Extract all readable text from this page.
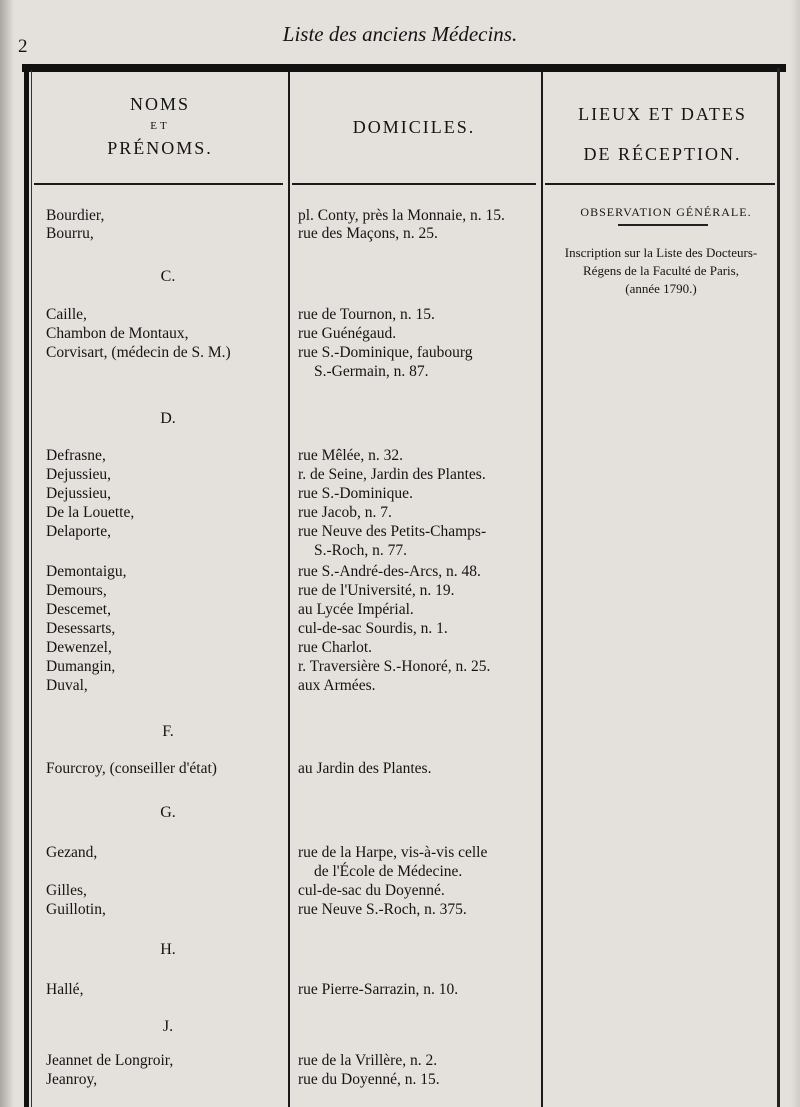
2
Liste des anciens Médecins.
NOMS
ET
PRÉNOMS.
DOMICILES.
LIEUX ET DATES
DE RÉCEPTION.
OBSERVATION GÉNÉRALE.
Inscription sur la Liste des Docteurs-
Régens de la Faculté de Paris,
(année 1790.)
C.
D.
F.
G.
H.
J.
Bourdier,	pl. Conty, près la Monnaie, n. 15.
Bourru,	rue des Maçons, n. 25.
Caille,	rue de Tournon, n. 15.
Chambon de Montaux,	rue Guénégaud.
Corvisart, (médecin de S. M.)	rue S.-Dominique, faubourg
S.-Germain, n. 87.
Defrasne,	rue Mêlée, n. 32.
Dejussieu,	r. de Seine, Jardin des Plantes.
Dejussieu,	rue S.-Dominique.
De la Louette,	rue Jacob, n. 7.
Delaporte,	rue Neuve des Petits-Champs-
S.-Roch, n. 77.
Demontaigu,	rue S.-André-des-Arcs, n. 48.
Demours,	rue de l'Université, n. 19.
Descemet,	au Lycée Impérial.
Desessarts,	cul-de-sac Sourdis, n. 1.
Dewenzel,	rue Charlot.
Dumangin,	r. Traversière S.-Honoré, n. 25.
Duval,	aux Armées.
Fourcroy, (conseiller d'état)	au Jardin des Plantes.
Gezand,	rue de la Harpe, vis-à-vis celle
de l'École de Médecine.
Gilles,	cul-de-sac du Doyenné.
Guillotin,	rue Neuve S.-Roch, n. 375.
Hallé,	rue Pierre-Sarrazin, n. 10.
Jeannet de Longroir,	rue de la Vrillère, n. 2.
Jeanroy,	rue du Doyenné, n. 15.
